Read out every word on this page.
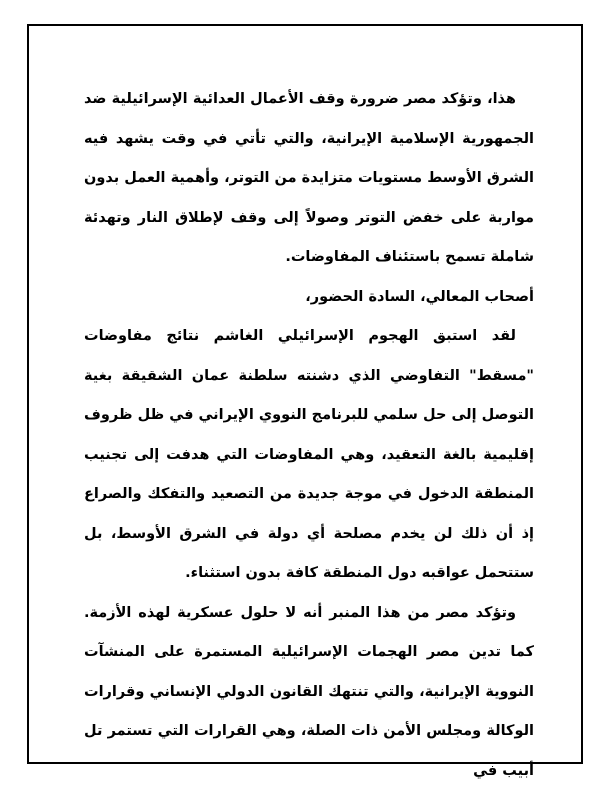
هذا، وتؤكد مصر ضرورة وقف الأعمال العدائية الإسرائيلية ضد الجمهورية الإسلامية الإيرانية، والتي تأتي في وقت يشهد فيه الشرق الأوسط مستويات متزايدة من التوتر، وأهمية العمل بدون مواربة على خفض التوتر وصولاً إلى وقف لإطلاق النار وتهدئة شاملة تسمح باستئناف المفاوضات.

أصحاب المعالي، السادة الحضور،

لقد استبق الهجوم الإسرائيلي الغاشم نتائج مفاوضات "مسقط" التفاوضي الذي دشنته سلطنة عمان الشقيقة بغية التوصل إلى حل سلمي للبرنامج النووي الإيراني في ظل ظروف إقليمية بالغة التعقيد، وهي المفاوضات التي هدفت إلى تجنيب المنطقة الدخول في موجة جديدة من التصعيد والتفكك والصراع إذ أن ذلك لن يخدم مصلحة أي دولة في الشرق الأوسط، بل ستتحمل عواقبه دول المنطقة كافة بدون استثناء.

وتؤكد مصر من هذا المنبر أنه لا حلول عسكرية لهذه الأزمة. كما تدين مصر الهجمات الإسرائيلية المستمرة على المنشآت النووية الإيرانية، والتي تنتهك القانون الدولي الإنساني وقرارات الوكالة ومجلس الأمن ذات الصلة، وهي القرارات التي تستمر تل أبيب في
